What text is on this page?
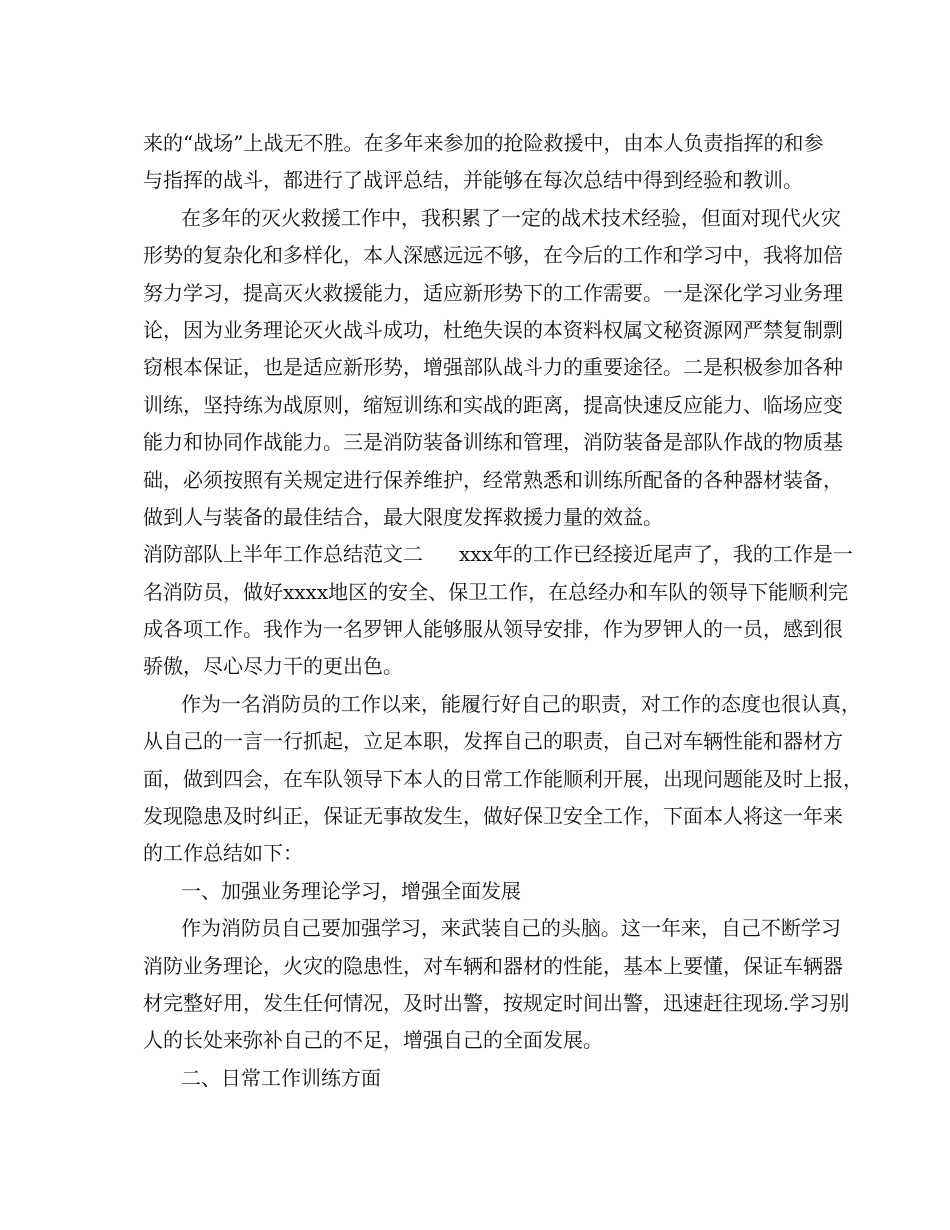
来的“战场”上战无不胜。在多年来参加的抢险救援中，由本人负责指挥的和参
与指挥的战斗，都进行了战评总结，并能够在每次总结中得到经验和教训。
在多年的灭火救援工作中，我积累了一定的战术技术经验，但面对现代火灾
形势的复杂化和多样化，本人深感远远不够，在今后的工作和学习中，我将加倍
努力学习，提高灭火救援能力，适应新形势下的工作需要。一是深化学习业务理
论，因为业务理论灭火战斗成功，杜绝失误的本资料权属文秘资源网严禁复制剽
窃根本保证，也是适应新形势，增强部队战斗力的重要途径。二是积极参加各种
训练，坚持练为战原则，缩短训练和实战的距离，提高快速反应能力、临场应变
能力和协同作战能力。三是消防装备训练和管理，消防装备是部队作战的物质基
础，必须按照有关规定进行保养维护，经常熟悉和训练所配备的各种器材装备，
做到人与装备的最佳结合，最大限度发挥救援力量的效益。
消防部队上半年工作总结范文二 xxx年的工作已经接近尾声了，我的工作是一
名消防员，做好xxxx地区的安全、保卫工作，在总经办和车队的领导下能顺利完
成各项工作。我作为一名罗钾人能够服从领导安排，作为罗钾人的一员，感到很
骄傲，尽心尽力干的更出色。
作为一名消防员的工作以来，能履行好自己的职责，对工作的态度也很认真，
从自己的一言一行抓起，立足本职，发挥自己的职责，自己对车辆性能和器材方
面，做到四会，在车队领导下本人的日常工作能顺利开展，出现问题能及时上报，
发现隐患及时纠正，保证无事故发生，做好保卫安全工作，下面本人将这一年来
的工作总结如下：
一、加强业务理论学习，增强全面发展
作为消防员自己要加强学习，来武装自己的头脑。这一年来，自己不断学习
消防业务理论，火灾的隐患性，对车辆和器材的性能，基本上要懂，保证车辆器
材完整好用，发生任何情况，及时出警，按规定时间出警，迅速赶往现场.学习别
人的长处来弥补自己的不足，增强自己的全面发展。
二、日常工作训练方面
